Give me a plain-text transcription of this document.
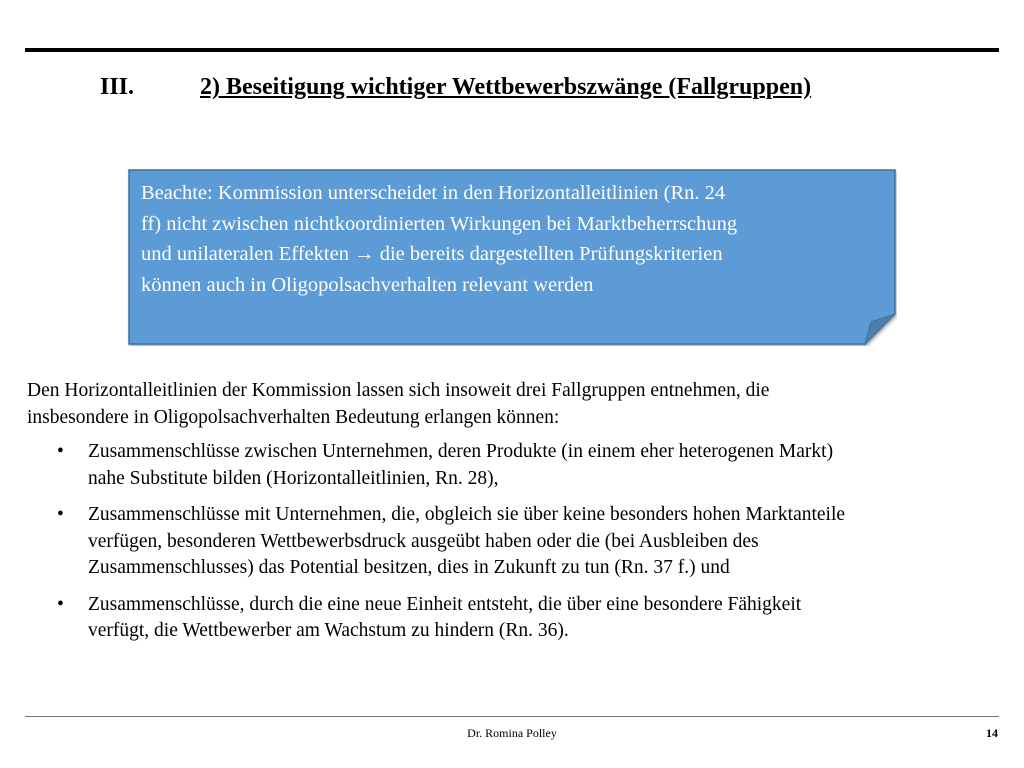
III.	2) Beseitigung wichtiger Wettbewerbszwänge (Fallgruppen)
Beachte: Kommission unterscheidet in den Horizontalleitlinien (Rn. 24
ff) nicht zwischen nichtkoordinierten Wirkungen bei Marktbeherrschung
und unilateralen Effekten → die bereits dargestellten Prüfungskriterien
können auch in Oligopolsachverhalten relevant werden
Den Horizontalleitlinien der Kommission lassen sich insoweit drei Fallgruppen entnehmen, die
insbesondere in Oligopolsachverhalten Bedeutung erlangen können:
• Zusammenschlüsse zwischen Unternehmen, deren Produkte (in einem eher heterogenen Markt)
nahe Substitute bilden (Horizontalleitlinien, Rn. 28),
• Zusammenschlüsse mit Unternehmen, die, obgleich sie über keine besonders hohen Marktanteile
verfügen, besonderen Wettbewerbsdruck ausgeübt haben oder die (bei Ausbleiben des
Zusammenschlusses) das Potential besitzen, dies in Zukunft zu tun (Rn. 37 f.) und
• Zusammenschlüsse, durch die eine neue Einheit entsteht, die über eine besondere Fähigkeit
verfügt, die Wettbewerber am Wachstum zu hindern (Rn. 36).
Dr. Romina Polley	14
